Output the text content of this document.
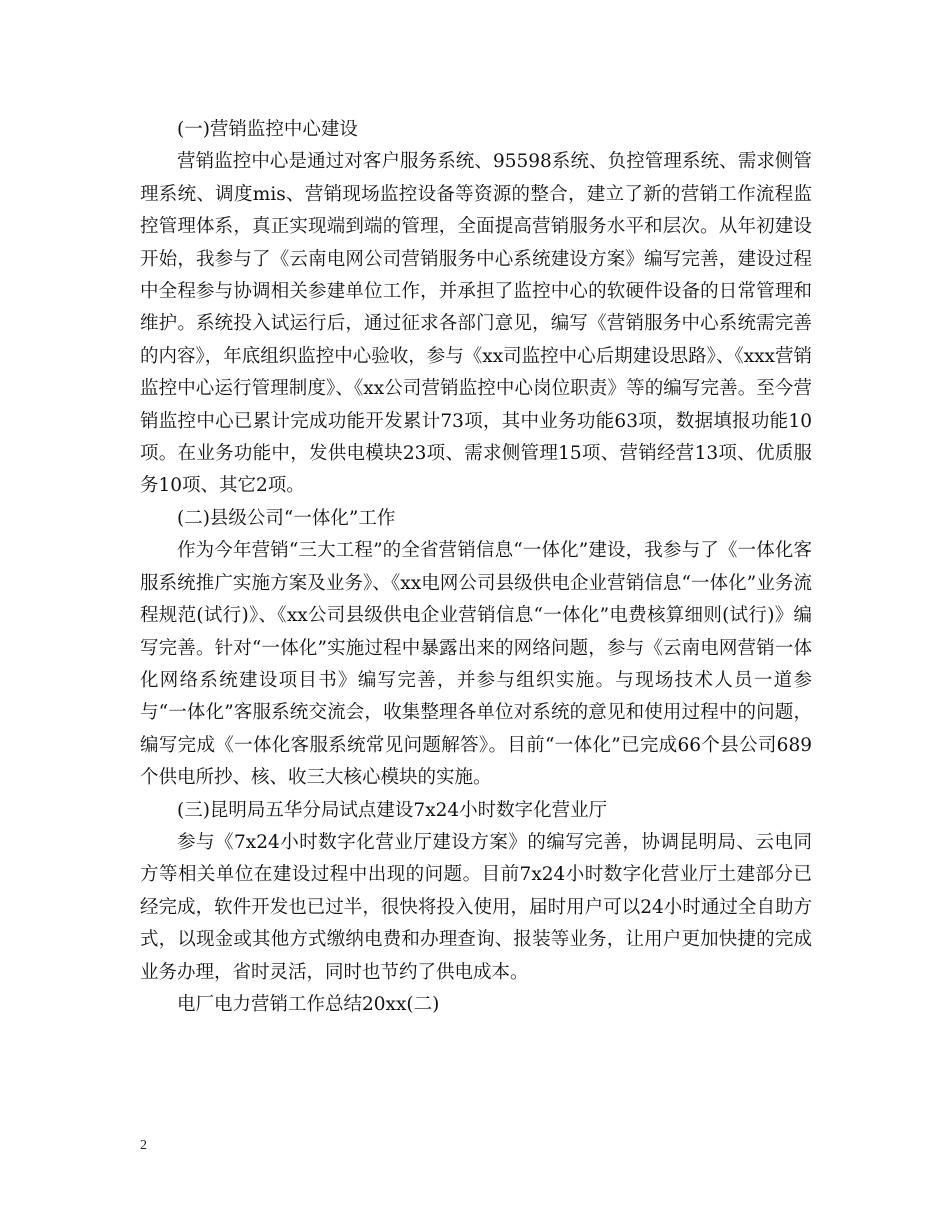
(一)营销监控中心建设

营销监控中心是通过对客户服务系统、95598系统、负控管理系统、需求侧管理系统、调度mis、营销现场监控设备等资源的整合，建立了新的营销工作流程监控管理体系，真正实现端到端的管理，全面提高营销服务水平和层次。从年初建设开始，我参与了《云南电网公司营销服务中心系统建设方案》编写完善，建设过程中全程参与协调相关参建单位工作，并承担了监控中心的软硬件设备的日常管理和维护。系统投入试运行后，通过征求各部门意见，编写《营销服务中心系统需完善的内容》，年底组织监控中心验收，参与《xx司监控中心后期建设思路》、《xxx营销监控中心运行管理制度》、《xx公司营销监控中心岗位职责》等的编写完善。至今营销监控中心已累计完成功能开发累计73项，其中业务功能63项，数据填报功能10项。在业务功能中，发供电模块23项、需求侧管理15项、营销经营13项、优质服务10项、其它2项。

(二)县级公司“一体化”工作

作为今年营销“三大工程”的全省营销信息“一体化”建设，我参与了《一体化客服系统推广实施方案及业务》、《xx电网公司县级供电企业营销信息“一体化”业务流程规范(试行)》、《xx公司县级供电企业营销信息“一体化”电费核算细则(试行)》编写完善。针对“一体化”实施过程中暴露出来的网络问题，参与《云南电网营销一体化网络系统建设项目书》编写完善，并参与组织实施。与现场技术人员一道参与“一体化”客服系统交流会，收集整理各单位对系统的意见和使用过程中的问题，编写完成《一体化客服系统常见问题解答》。目前“一体化”已完成66个县公司689个供电所抄、核、收三大核心模块的实施。

(三)昆明局五华分局试点建设7x24小时数字化营业厅

参与《7x24小时数字化营业厅建设方案》的编写完善，协调昆明局、云电同方等相关单位在建设过程中出现的问题。目前7x24小时数字化营业厅土建部分已经完成，软件开发也已过半，很快将投入使用，届时用户可以24小时通过全自助方式，以现金或其他方式缴纳电费和办理查询、报装等业务，让用户更加快捷的完成业务办理，省时灵活，同时也节约了供电成本。

电厂电力营销工作总结20xx(二)

2
